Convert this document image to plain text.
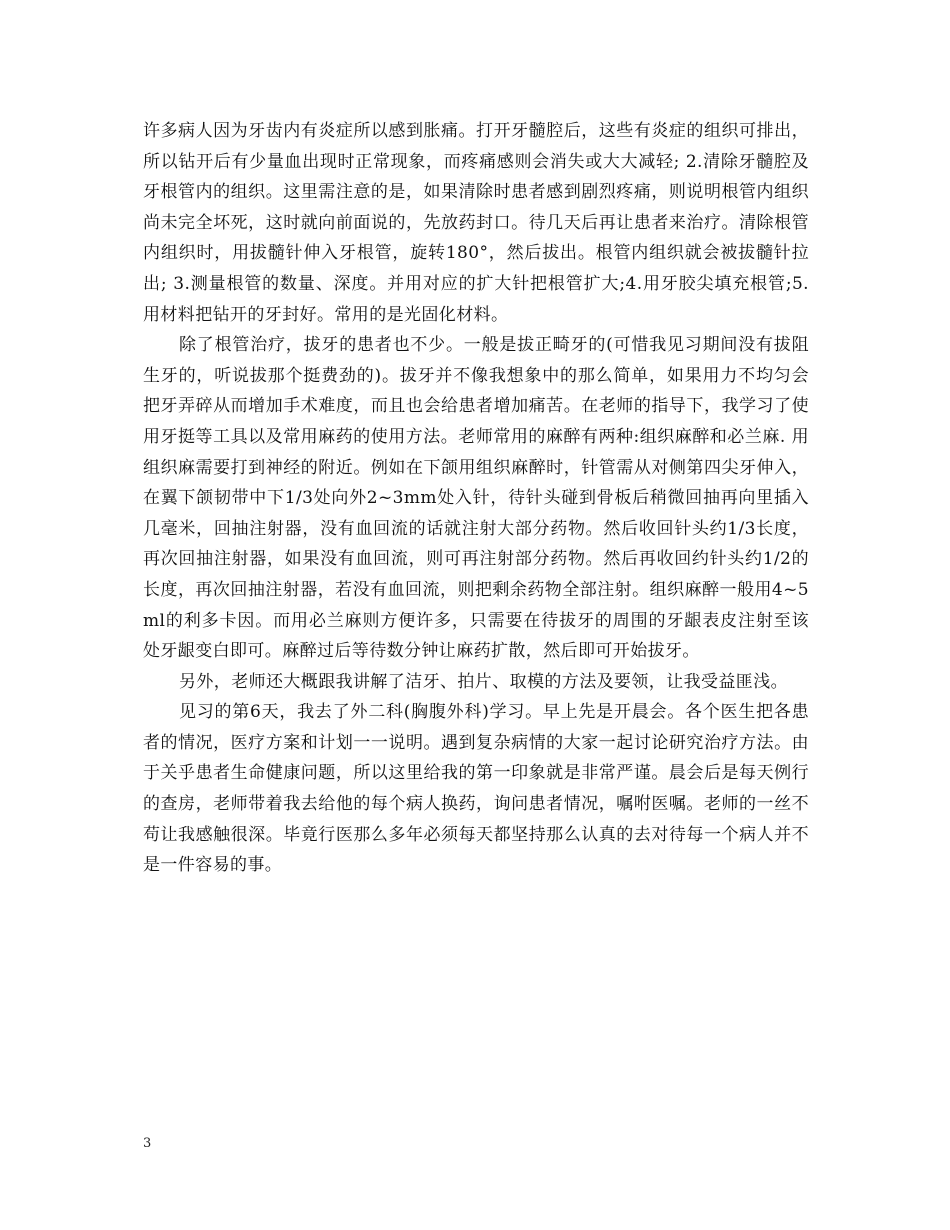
许多病人因为牙齿内有炎症所以感到胀痛。打开牙髓腔后，这些有炎症的组织可排出，所以钻开后有少量血出现时正常现象，而疼痛感则会消失或大大减轻; 2.清除牙髓腔及牙根管内的组织。这里需注意的是，如果清除时患者感到剧烈疼痛，则说明根管内组织尚未完全坏死，这时就向前面说的，先放药封口。待几天后再让患者来治疗。清除根管内组织时，用拔髓针伸入牙根管，旋转180°，然后拔出。根管内组织就会被拔髓针拉出; 3.测量根管的数量、深度。并用对应的扩大针把根管扩大;4.用牙胶尖填充根管;5.用材料把钻开的牙封好。常用的是光固化材料。

除了根管治疗，拔牙的患者也不少。一般是拔正畸牙的(可惜我见习期间没有拔阻生牙的，听说拔那个挺费劲的)。拔牙并不像我想象中的那么简单，如果用力不均匀会把牙弄碎从而增加手术难度，而且也会给患者增加痛苦。在老师的指导下，我学习了使用牙挺等工具以及常用麻药的使用方法。老师常用的麻醉有两种:组织麻醉和必兰麻. 用组织麻需要打到神经的附近。例如在下颌用组织麻醉时，针管需从对侧第四尖牙伸入，在翼下颌韧带中下1/3处向外2~3mm处入针，待针头碰到骨板后稍微回抽再向里插入几毫米，回抽注射器，没有血回流的话就注射大部分药物。然后收回针头约1/3长度，再次回抽注射器，如果没有血回流，则可再注射部分药物。然后再收回约针头约1/2的长度，再次回抽注射器，若没有血回流，则把剩余药物全部注射。组织麻醉一般用4~5ml的利多卡因。而用必兰麻则方便许多，只需要在待拔牙的周围的牙龈表皮注射至该处牙龈变白即可。麻醉过后等待数分钟让麻药扩散，然后即可开始拔牙。

另外，老师还大概跟我讲解了洁牙、拍片、取模的方法及要领，让我受益匪浅。

见习的第6天，我去了外二科(胸腹外科)学习。早上先是开晨会。各个医生把各患者的情况，医疗方案和计划一一说明。遇到复杂病情的大家一起讨论研究治疗方法。由于关乎患者生命健康问题，所以这里给我的第一印象就是非常严谨。晨会后是每天例行的查房，老师带着我去给他的每个病人换药，询问患者情况，嘱咐医嘱。老师的一丝不苟让我感触很深。毕竟行医那么多年必须每天都坚持那么认真的去对待每一个病人并不是一件容易的事。

3
